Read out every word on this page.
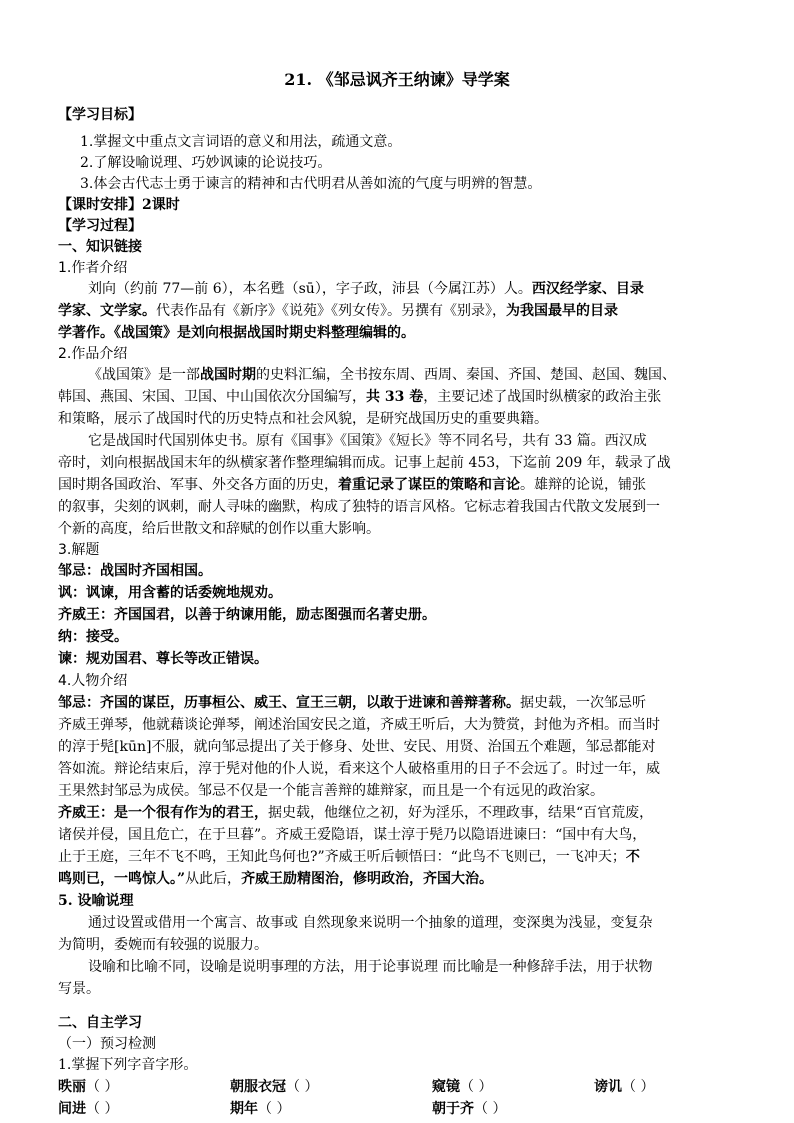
21. 《邹忌讽齐王纳谏》导学案
【学习目标】
1.掌握文中重点文言词语的意义和用法，疏通文意。
2.了解设喻说理、巧妙讽谏的论说技巧。
3.体会古代志士勇于谏言的精神和古代明君从善如流的气度与明辨的智慧。
【课时安排】2课时
【学习过程】
一、知识链接
1.作者介绍
刘向（约前 77—前 6），本名甦（sū），字子政，沛县（今属江苏）人。西汉经学家、目录
学家、文学家。代表作品有《新序》《说苑》《列女传》。另撰有《别录》，为我国最早的目录
学著作。《战国策》是刘向根据战国时期史料整理编辑的。
2.作品介绍
《战国策》是一部战国时期的史料汇编，全书按东周、西周、秦国、齐国、楚国、赵国、魏国、
韩国、燕国、宋国、卫国、中山国依次分国编写，共 33 卷，主要记述了战国时纵横家的政治主张
和策略，展示了战国时代的历史特点和社会风貌，是研究战国历史的重要典籍。
它是战国时代国别体史书。原有《国事》《国策》《短长》等不同名号，共有 33 篇。西汉成
帝时，刘向根据战国末年的纵横家著作整理编辑而成。记事上起前 453，下迄前 209 年，载录了战
国时期各国政治、军事、外交各方面的历史，着重记录了谋臣的策略和言论。雄辩的论说，铺张
的叙事，尖刻的讽刺，耐人寻味的幽默，构成了独特的语言风格。它标志着我国古代散文发展到一
个新的高度，给后世散文和辞赋的创作以重大影响。
3.解题
邹忌：战国时齐国相国。
讽：讽谏，用含蓄的话委婉地规劝。
齐威王：齐国国君，以善于纳谏用能，励志图强而名著史册。
纳：接受。
谏：规劝国君、尊长等改正错误。
4.人物介绍
邹忌：齐国的谋臣，历事桓公、威王、宣王三朝，以敢于进谏和善辩著称。据史载，一次邹忌听
齐威王弹琴，他就藉谈论弹琴，阐述治国安民之道，齐威王听后，大为赞赏，封他为齐相。而当时
的淳于髡[kūn]不服，就向邹忌提出了关于修身、处世、安民、用贤、治国五个难题，邹忌都能对
答如流。辩论结束后，淳于髡对他的仆人说，看来这个人破格重用的日子不会远了。时过一年，威
王果然封邹忌为成侯。邹忌不仅是一个能言善辩的雄辩家，而且是一个有远见的政治家。
齐威王：是一个很有作为的君王，据史载，他继位之初，好为淫乐，不理政事，结果“百官荒废，
诸侯并侵，国且危亡，在于旦暮”。齐威王爱隐语，谋士淳于髡乃以隐语进谏曰：“国中有大鸟，
止于王庭，三年不飞不鸣，王知此鸟何也?”齐威王听后顿悟曰：“此鸟不飞则已，一飞冲天；不
鸣则已，一鸣惊人。”从此后，齐威王励精图治，修明政治，齐国大治。
5. 设喻说理
通过设置或借用一个寓言、故事或 自然现象来说明一个抽象的道理，变深奥为浅显，变复杂
为简明，委婉而有较强的说服力。
设喻和比喻不同，设喻是说明事理的方法，用于论事说理 而比喻是一种修辞手法，用于状物
写景。
二、自主学习
（一）预习检测
1.掌握下列字音字形。
昳丽（ ）	朝服衣冠（ ）	窥镜（ ）	谤讥（ ）
间进（ ）	期年（ ）	朝于齐（ ）
